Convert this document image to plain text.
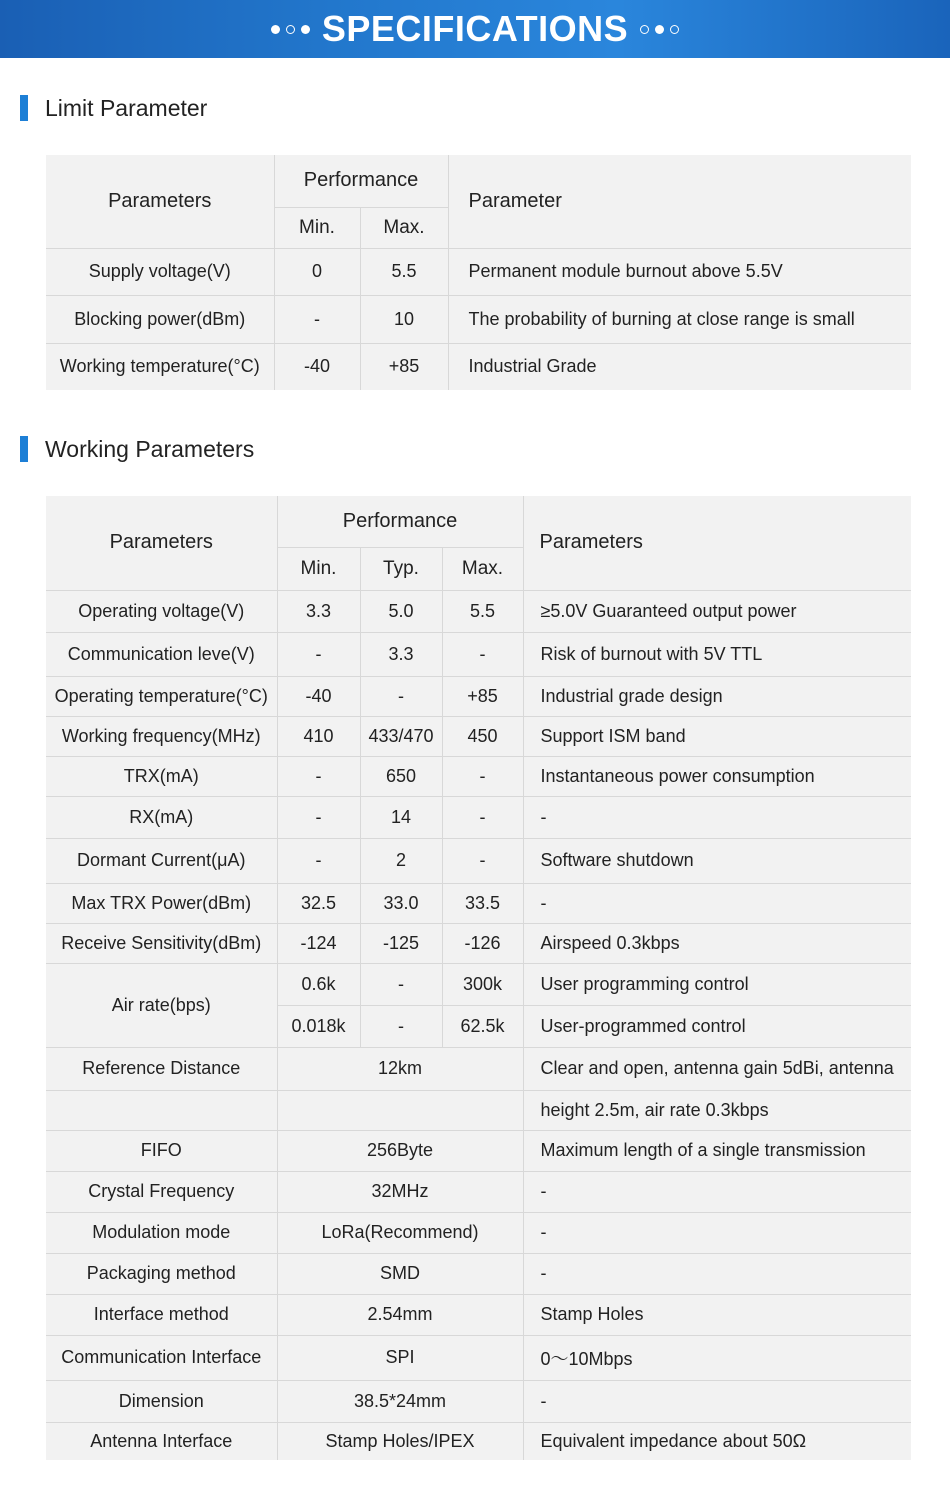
SPECIFICATIONS
Limit Parameter
Parameters	Performance		Parameter
	Min.	Max.	
Supply voltage(V)	0	5.5	Permanent module burnout above 5.5V
Blocking power(dBm)	-	10	The probability of burning at close range is small
Working temperature(°C)	-40	+85	Industrial Grade
Working Parameters
Parameters	Performance			Parameters
	Min.	Typ.	Max.	
Operating voltage(V)	3.3	5.0	5.5	≥5.0V Guaranteed output power
Communication leve(V)	-	3.3	-	Risk of burnout with 5V TTL
Operating temperature(°C)	-40	-	+85	Industrial grade design
Working frequency(MHz)	410	433/470	450	Support ISM band
TRX(mA)	-	650	-	Instantaneous power consumption
RX(mA)	-	14	-	-
Dormant Current(μA)	-	2	-	Software shutdown
Max TRX Power(dBm)	32.5	33.0	33.5	-
Receive Sensitivity(dBm)	-124	-125	-126	Airspeed 0.3kbps
Air rate(bps)	0.6k	-	300k	User programming control
	0.018k	-	62.5k	User-programmed control
Reference Distance	12km			Clear and open, antenna gain 5dBi, antenna
				height 2.5m, air rate 0.3kbps
FIFO	256Byte			Maximum length of a single transmission
Crystal Frequency	32MHz			-
Modulation mode	LoRa(Recommend)			-
Packaging method	SMD			-
Interface method	2.54mm			Stamp Holes
Communication Interface	SPI			0〜10Mbps
Dimension	38.5*24mm			-
Antenna Interface	Stamp Holes/IPEX			Equivalent impedance about 50Ω
